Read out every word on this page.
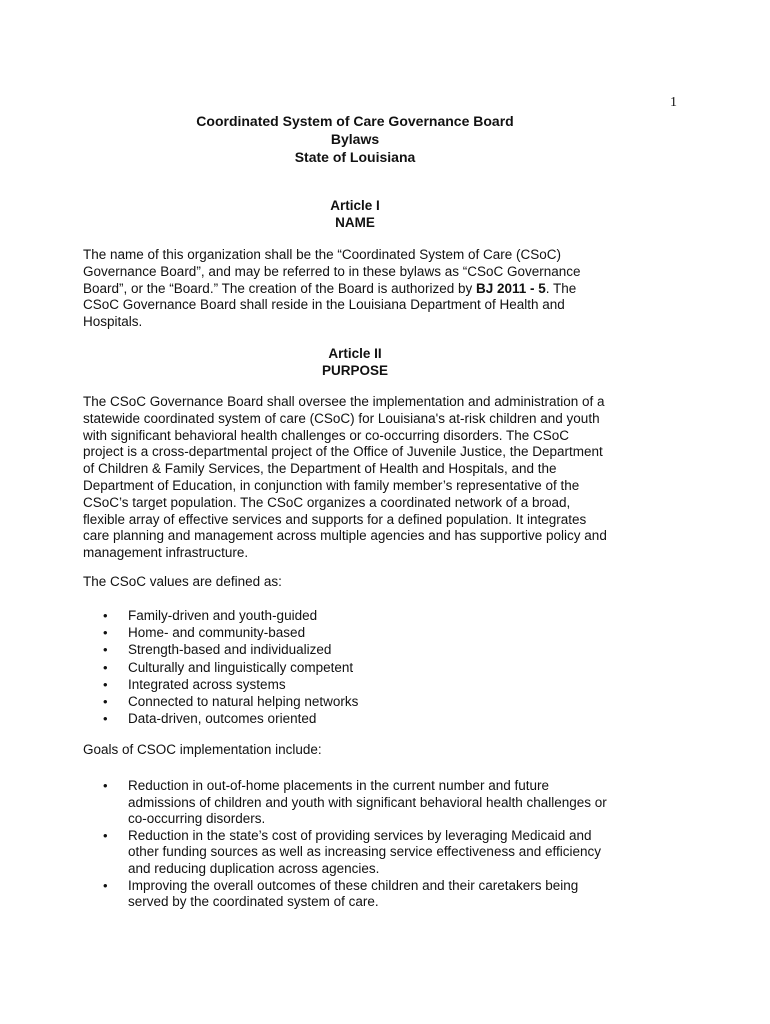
1
Coordinated System of Care Governance Board
Bylaws
State of Louisiana
Article I
NAME
The name of this organization shall be the “Coordinated System of Care (CSoC)
Governance Board”, and may be referred to in these bylaws as “CSoC Governance
Board”, or the “Board.” The creation of the Board is authorized by BJ 2011 - 5. The
CSoC Governance Board shall reside in the Louisiana Department of Health and
Hospitals.
Article II
PURPOSE
The CSoC Governance Board shall oversee the implementation and administration of a
statewide coordinated system of care (CSoC) for Louisiana's at-risk children and youth
with significant behavioral health challenges or co-occurring disorders. The CSoC
project is a cross-departmental project of the Office of Juvenile Justice, the Department
of Children & Family Services, the Department of Health and Hospitals, and the
Department of Education, in conjunction with family member’s representative of the
CSoC’s target population. The CSoC organizes a coordinated network of a broad,
flexible array of effective services and supports for a defined population. It integrates
care planning and management across multiple agencies and has supportive policy and
management infrastructure.
The CSoC values are defined as:
• Family-driven and youth-guided
• Home- and community-based
• Strength-based and individualized
• Culturally and linguistically competent
• Integrated across systems
• Connected to natural helping networks
• Data-driven, outcomes oriented
Goals of CSOC implementation include:
• Reduction in out-of-home placements in the current number and future
admissions of children and youth with significant behavioral health challenges or
co-occurring disorders.
• Reduction in the state’s cost of providing services by leveraging Medicaid and
other funding sources as well as increasing service effectiveness and efficiency
and reducing duplication across agencies.
• Improving the overall outcomes of these children and their caretakers being
served by the coordinated system of care.
